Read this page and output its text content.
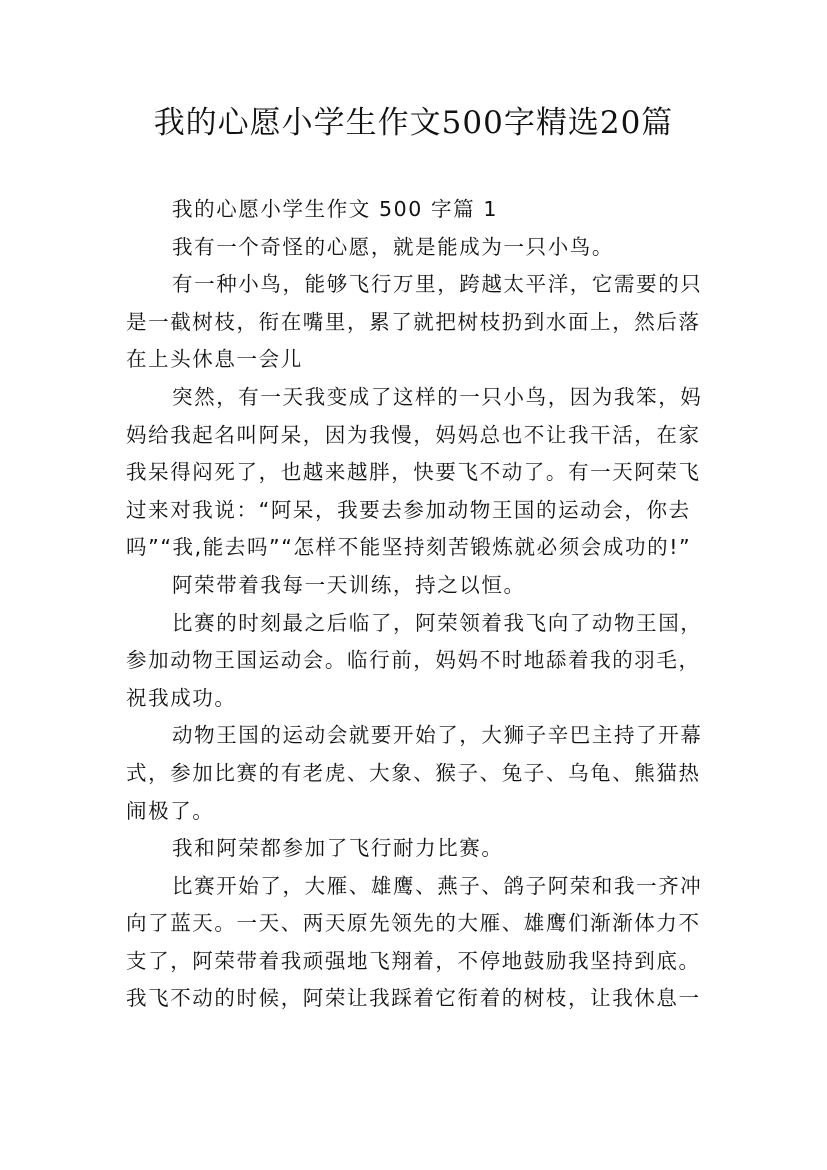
我的心愿小学生作文500字精选20篇

我的心愿小学生作文 500 字篇 1

我有一个奇怪的心愿，就是能成为一只小鸟。

有一种小鸟，能够飞行万里，跨越太平洋，它需要的只
是一截树枝，衔在嘴里，累了就把树枝扔到水面上，然后落
在上头休息一会儿

突然，有一天我变成了这样的一只小鸟，因为我笨，妈
妈给我起名叫阿呆，因为我慢，妈妈总也不让我干活，在家
我呆得闷死了，也越来越胖，快要飞不动了。有一天阿荣飞
过来对我说：“阿呆，我要去参加动物王国的运动会，你去
吗”“我,能去吗”“怎样不能坚持刻苦锻炼就必须会成功的!”

阿荣带着我每一天训练，持之以恒。

比赛的时刻最之后临了，阿荣领着我飞向了动物王国，
参加动物王国运动会。临行前，妈妈不时地舔着我的羽毛，
祝我成功。

动物王国的运动会就要开始了，大狮子辛巴主持了开幕
式，参加比赛的有老虎、大象、猴子、兔子、乌龟、熊猫热
闹极了。

我和阿荣都参加了飞行耐力比赛。

比赛开始了，大雁、雄鹰、燕子、鸽子阿荣和我一齐冲
向了蓝天。一天、两天原先领先的大雁、雄鹰们渐渐体力不
支了，阿荣带着我顽强地飞翔着，不停地鼓励我坚持到底。
我飞不动的时候，阿荣让我踩着它衔着的树枝，让我休息一
